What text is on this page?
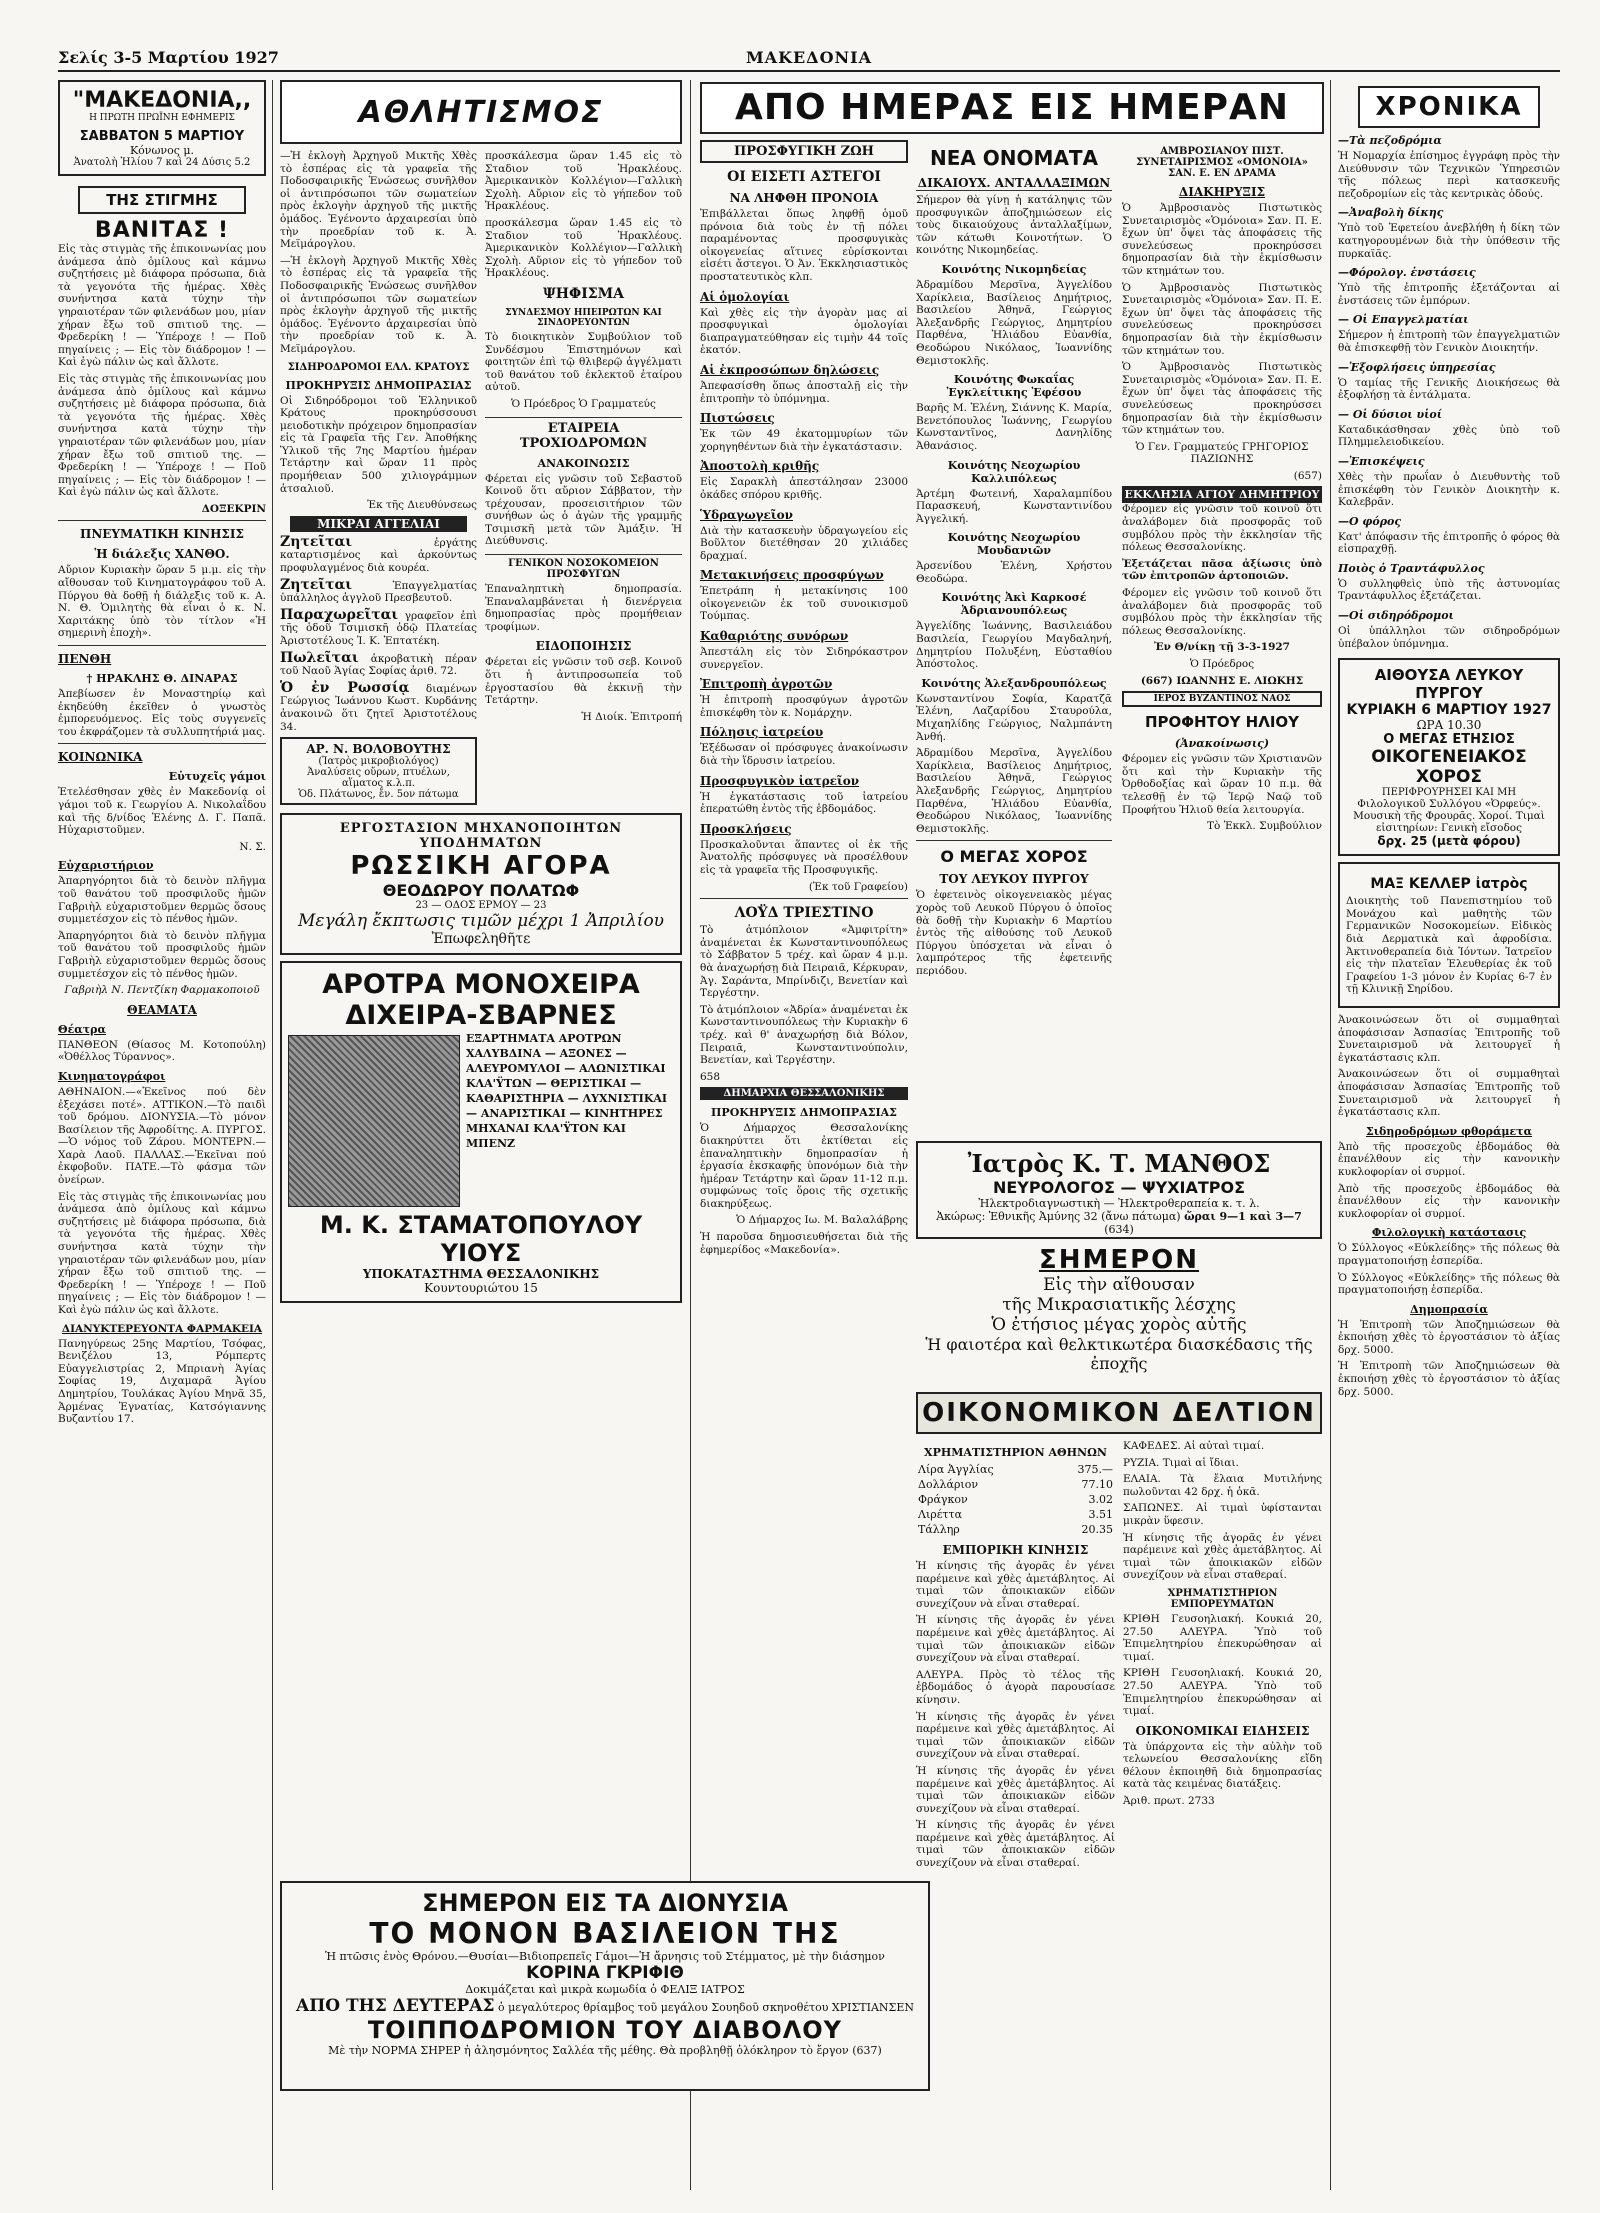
Σελίς 3-5 Μαρτίου 1927	ΜΑΚΕΔΟΝΙΑ
"ΜΑΚΕΔΟΝΙΑ,,
Η ΠΡΩΤΗ ΠΡΩΪΝΗ ΕΦΗΜΕΡΙΣ
ΣΑΒΒΑΤΟΝ 5 ΜΑΡΤΙΟΥ
Κόνωνος μ.
Ἀνατολὴ Ἡλίου 7 καὶ 24 Δύσις 5.2
ΤΗΣ ΣΤΙΓΜΗΣ
ΒΑΝΙΤΑΣ !

Εἰς τὰς στιγμὰς τῆς ἐπικοινωνίας μου ἀνάμεσα ἀπὸ ὁμίλους καὶ κάμνω συζητήσεις μὲ διάφορα πρόσωπα, διὰ τὰ γεγονότα τῆς ἡμέρας. Χθὲς συνήντησα κατὰ τύχην τὴν γηραιοτέραν τῶν φιλενάδων μου, μίαν χήραν ἔξω τοῦ σπιτιοῦ της. — Φρεδερίκη ! — Ὑπέροχε ! — Ποῦ πηγαίνεις ; — Εἰς τὸν διάδρομον ! — Καὶ ἐγὼ πάλιν ὡς καὶ ἄλλοτε.

Εἰς τὰς στιγμὰς τῆς ἐπικοινωνίας μου ἀνάμεσα ἀπὸ ὁμίλους καὶ κάμνω συζητήσεις μὲ διάφορα πρόσωπα, διὰ τὰ γεγονότα τῆς ἡμέρας. Χθὲς συνήντησα κατὰ τύχην τὴν γηραιοτέραν τῶν φιλενάδων μου, μίαν χήραν ἔξω τοῦ σπιτιοῦ της. — Φρεδερίκη ! — Ὑπέροχε ! — Ποῦ πηγαίνεις ; — Εἰς τὸν διάδρομον ! — Καὶ ἐγὼ πάλιν ὡς καὶ ἄλλοτε.

ΔΟΞΕΚΡΙΝ

ΠΝΕΥΜΑΤΙΚΗ ΚΙΝΗΣΙΣ
Ἡ διάλεξις ΧΑΝΘΟ.

Αὔριον Κυριακὴν ὥραν 5 μ.μ. εἰς τὴν αἴθουσαν τοῦ Κινηματογράφου τοῦ Α. Πύργου θὰ δοθῇ ἡ διάλεξις τοῦ κ. Α. Ν. Θ. Ὁμιλητὴς θὰ εἶναι ὁ κ. Ν. Χαριτάκης ὑπὸ τὸν τίτλον «Ἡ σημερινὴ ἐποχὴ».

ΠΕΝΘΗ
† ΗΡΑΚΛΗΣ Θ. ΔΙΝΑΡΑΣ

Ἀπεβίωσεν ἐν Μοναστηρίῳ καὶ ἐκηδεύθη ἐκεῖθεν ὁ γνωστὸς ἐμπορευόμενος. Εἰς τοὺς συγγενεῖς του ἐκφράζομεν τὰ συλλυπητήριά μας.

ΚΟΙΝΩΝΙΚΑ
Εὐτυχεῖς γάμοι

Ἐτελέσθησαν χθὲς ἐν Μακεδονίᾳ οἱ γάμοι τοῦ κ. Γεωργίου Α. Νικολαΐδου καὶ τῆς δ/νίδος Ἑλένης Δ. Γ. Παπᾶ. Ηὐχαριστοῦμεν.

Ν. Σ.

Εὐχαριστήριον

Ἀπαρηγόρητοι διὰ τὸ δεινὸν πλῆγμα τοῦ θανάτου τοῦ προσφιλοῦς ἡμῶν Γαβριὴλ εὐχαριστοῦμεν θερμῶς ὅσους συμμετέσχον εἰς τὸ πένθος ἡμῶν.

Ἀπαρηγόρητοι διὰ τὸ δεινὸν πλῆγμα τοῦ θανάτου τοῦ προσφιλοῦς ἡμῶν Γαβριὴλ εὐχαριστοῦμεν θερμῶς ὅσους συμμετέσχον εἰς τὸ πένθος ἡμῶν.

Γαβριὴλ Ν. Πεντζίκη Φαρμακοποιοῦ

ΘΕΑΜΑΤΑ
Θέατρα

ΠΑΝΘΕΟΝ (Θίασος Μ. Κοτοπούλη) «Ὀθέλλος Τύραννος».

Κινηματογράφοι

ΑΘΗΝΑΙΟΝ.—«Ἐκεῖνος πού δὲν ἐξεχάσει ποτέ». ΑΤΤΙΚΟΝ.—Τὸ παιδὶ τοῦ δρόμου. ΔΙΟΝΥΣΙΑ.—Τὸ μόνον Βασίλειον τῆς Ἀφροδίτης. Α. ΠΥΡΓΟΣ.—Ὁ νόμος τοῦ Ζάρου. ΜΟΝΤΕΡΝ.—Χαρὰ Λαοῦ. ΠΑΛΛΑΣ.—Ἐκεῖναι πού ἐκφοβοῦν. ΠΑΤΕ.—Τὸ φάσμα τῶν ὀνείρων.

Εἰς τὰς στιγμὰς τῆς ἐπικοινωνίας μου ἀνάμεσα ἀπὸ ὁμίλους καὶ κάμνω συζητήσεις μὲ διάφορα πρόσωπα, διὰ τὰ γεγονότα τῆς ἡμέρας. Χθὲς συνήντησα κατὰ τύχην τὴν γηραιοτέραν τῶν φιλενάδων μου, μίαν χήραν ἔξω τοῦ σπιτιοῦ της. — Φρεδερίκη ! — Ὑπέροχε ! — Ποῦ πηγαίνεις ; — Εἰς τὸν διάδρομον ! — Καὶ ἐγὼ πάλιν ὡς καὶ ἄλλοτε.

ΔΙΑΝΥΚΤΕΡΕΥΟΝΤΑ ΦΑΡΜΑΚΕΙΑ

Πανηγύρεως 25ης Μαρτίου, Τσόφας, Βενιζέλου 13, Ρόμπερτς Εὐαγγελιστρίας 2, Μπριανὴ Ἁγίας Σοφίας 19, Διχαμαρᾶ Ἀγίου Δημητρίου, Τουλάκας Ἀγίου Μηνᾶ 35, Ἀρμένας Ἐγνατίας, Κατσόγιαννης Βυζαντίου 17.

ΑΘΛΗΤΙΣΜΟΣ

—Ἡ ἐκλογὴ Ἀρχηγοῦ Μικτῆς Χθὲς τὸ ἑσπέρας εἰς τὰ γραφεῖα τῆς Ποδοσφαιρικῆς Ἑνώσεως συνῆλθον οἱ ἀντιπρόσωποι τῶν σωματείων πρὸς ἐκλογὴν ἀρχηγοῦ τῆς μικτῆς ὁμάδος. Ἐγένοντο ἀρχαιρεσίαι ὑπὸ τὴν προεδρίαν τοῦ κ. Ἀ. Μεϊμάρογλου.

—Ἡ ἐκλογὴ Ἀρχηγοῦ Μικτῆς Χθὲς τὸ ἑσπέρας εἰς τὰ γραφεῖα τῆς Ποδοσφαιρικῆς Ἑνώσεως συνῆλθον οἱ ἀντιπρόσωποι τῶν σωματείων πρὸς ἐκλογὴν ἀρχηγοῦ τῆς μικτῆς ὁμάδος. Ἐγένοντο ἀρχαιρεσίαι ὑπὸ τὴν προεδρίαν τοῦ κ. Ἀ. Μεϊμάρογλου.

ΣΙΔΗΡΟΔΡΟΜΟΙ ΕΛΛ. ΚΡΑΤΟΥΣ
ΠΡΟΚΗΡΥΞΙΣ ΔΗΜΟΠΡΑΣΙΑΣ

Οἱ Σιδηρόδρομοι τοῦ Ἑλληνικοῦ Κράτους προκηρύσσουσι μειοδοτικὴν πρόχειρον δημοπρασίαν εἰς τὰ Γραφεῖα τῆς Γεν. Ἀποθήκης Ὑλικοῦ τῆς 7ης Μαρτίου ἡμέραν Τετάρτην καὶ ὥραν 11 πρὸς προμήθειαν 500 χιλιογράμμων ἀτσαλιοῦ.

Ἐκ τῆς Διευθύνσεως

ΜΙΚΡΑΙ ΑΓΓΕΛΙΑΙ

Ζητεῖται	ἐργάτης καταρτισμένος καὶ ἀρκούντως προφυλαγμένος διὰ κουρέα.

Ζητεῖται	Ἐπαγγελματίας ὑπάλληλος ἀγγλοῦ Πρεσβευτοῦ.

Παραχωρεῖται γραφεῖον ἐπὶ τῆς ὁδοῦ Τσιμισκῆ ὁδῷ Πλατείας Ἀριστοτέλους Ἰ. Κ. Ἐπτατέκη.

Πωλεῖται ἀκροβατικὴ πέραν τοῦ Ναοῦ Ἁγίας Σοφίας ἀριθ. 72.

Ὁ ἐν Ρωσσίᾳ διαμένων Γεώργιος Ἰωάννου Κωστ. Κυρδάνης ἀνακοινῶ ὅτι ζητεῖ Ἀριστοτέλους 34.

ΑΡ. Ν. ΒΟΛΟΒΟΥΤΗΣ
(Ἰατρὸς μικροβιολόγος)
Ἀναλύσεις οὔρων, πτυέλων, αἵματος κ.λ.π.
Ὁδ. Πλάτωνος, ἔν. 5ον πάτωμα

προσκάλεσμα ὥραν 1.45 εἰς τὸ Σταδιον τοῦ Ἡρακλέους. Ἀμερικανικὸν Κολλέγιον—Γαλλικὴ Σχολὴ. Αὔριον εἰς τὸ γήπεδον τοῦ Ἡρακλέους.

προσκάλεσμα ὥραν 1.45 εἰς τὸ Σταδιον τοῦ Ἡρακλέους. Ἀμερικανικὸν Κολλέγιον—Γαλλικὴ Σχολὴ. Αὔριον εἰς τὸ γήπεδον τοῦ Ἡρακλέους.

ΨΗΦΙΣΜΑ
ΣΥΝΔΕΣΜΟΥ ΗΠΕΙΡΩΤΩΝ ΚΑΙ ΣΙΝΔΟΡΕΥΟΝΤΩΝ

Τὸ διοικητικὸν Συμβούλιον τοῦ Συνδέσμου Ἐπιστημόνων καὶ φοιτητῶν ἐπὶ τῷ θλιβερῷ ἀγγέλματι τοῦ θανάτου τοῦ ἐκλεκτοῦ ἐταίρου αὐτοῦ.

Ὁ Πρόεδρος Ὁ Γραμματεύς

ΕΤΑΙΡΕΙΑ ΤΡΟΧΙΟΔΡΟΜΩΝ
ΑΝΑΚΟΙΝΩΣΙΣ

Φέρεται εἰς γνῶσιν τοῦ Σεβαστοῦ Κοινοῦ ὅτι αὔριον Σάββατον, τὴν τρέχουσαν, προσεισιτήριον τῶν συνήθων ὡς ὁ ἀγὼν τῆς γραμμῆς Τσιμισκῆ μετὰ τῶν Ἀμάξιν. Ἡ Διεύθυνσις.

ΓΕΝΙΚΟΝ ΝΟΣΟΚΟΜΕΙΟΝ ΠΡΟΣΦΥΓΩΝ

Ἐπαναληπτικὴ δημοπρασία. Ἐπαναλαμβάνεται ἡ διενέργεια δημοπρασίας πρὸς προμήθειαν τροφίμων.

ΕΙΔΟΠΟΙΗΣΙΣ

Φέρεται εἰς γνῶσιν τοῦ σεβ. Κοινοῦ ὅτι ἡ ἀντιπροσωπεία τοῦ ἐργοστασίου θὰ ἐκκινῇ τὴν Τετάρτην.

Ἡ Διοίκ. Ἐπιτροπή

ΕΡΓΟΣΤΑΣΙΟΝ ΜΗΧΑΝΟΠΟΙΗΤΩΝ ΥΠΟΔΗΜΑΤΩΝ
ΡΩΣΣΙΚΗ ΑΓΟΡΑ
ΘΕΟΔΩΡΟΥ ΠΟΛΑΤΩΦ
23 — ΟΔΟΣ ΕΡΜΟΥ — 23
Μεγάλη ἔκπτωσις τιμῶν μέχρι 1 Ἀπριλίου
Ἐπωφεληθῆτε
ΑΡΟΤΡΑ ΜΟΝΟΧΕΙΡΑ
ΔΙΧΕΙΡΑ-ΣΒΑΡΝΕΣ
ΕΞΑΡΤΗΜΑΤΑ ΑΡΟΤΡΩΝ ΧΑΛΥΒΔΙΝΑ — ΑΞΟΝΕΣ — ΑΛΕΥΡΟΜΥΛΟΙ — ΑΛΩΝΙΣΤΙΚΑΙ ΚΛΑ'ΫΤΩΝ — ΘΕΡΙΣΤΙΚΑΙ — ΚΑΘΑΡΙΣΤΗΡΙΑ — ΛΥΧΝΙΣΤΙΚΑΙ — ΑΝΑΡΙΣΤΙΚΑΙ — ΚΙΝΗΤΗΡΕΣ ΜΗΧΑΝΑΙ ΚΛΑ'ΫΤΟΝ ΚΑΙ ΜΠΕΝΖ
Μ. Κ. ΣΤΑΜΑΤΟΠΟΥΛΟΥ ΥΙΟΥΣ
ΥΠΟΚΑΤΑΣΤΗΜΑ ΘΕΣΣΑΛΟΝΙΚΗΣ
Κουντουριώτου 15
ΣΗΜΕΡΟΝ ΕΙΣ ΤΑ ΔΙΟΝΥΣΙΑ
ΤΟ ΜΟΝΟΝ ΒΑΣΙΛΕΙΟΝ ΤΗΣ
Ἡ πτῶσις ἑνὸς Θρόνου.—Θυσίαι—Βιδιοπρεπεῖς Γάμοι—Ἡ ἄρνησις τοῦ Στέμματος, μὲ τὴν διάσημον
ΚΟΡΙΝΑ ΓΚΡΙΦΙΘ
Δοκιμάζεται καὶ μικρὰ κωμωδία ὁ ΦΕΛΙΞ ΙΑΤΡΟΣ
ΑΠΟ ΤΗΣ ΔΕΥΤΕΡΑΣ ὁ μεγαλύτερος θρίαμβος τοῦ μεγάλου Σουηδοῦ σκηνοθέτου ΧΡΙΣΤΙΑΝΣΕΝ
ΤΟΙΠΠΟΔΡΟΜΙΟΝ ΤΟΥ ΔΙΑΒΟΛΟΥ
Μὲ τὴν ΝΟΡΜΑ ΣΗΡΕΡ ἡ ἀλησμόνητος Σαλλέα τῆς μέθης. Θὰ προβληθῇ ὁλόκληρον τὸ ἔργον (637)
ΑΠΟ ΗΜΕΡΑΣ ΕΙΣ ΗΜΕΡΑΝ
ΠΡΟΣΦΥΓΙΚΗ ΖΩΗ
ΟΙ ΕΙΣΕΤΙ ΑΣΤΕΓΟΙ
ΝΑ ΛΗΦΘΗ ΠΡΟΝΟΙΑ

Ἐπιβάλλεται ὅπως ληφθῇ ὁμοῦ πρόνοια διὰ τοὺς ἐν τῇ πόλει παραμένοντας προσφυγικὰς οἰκογενείας αἵτινες εὑρίσκονται εἰσέτι ἄστεγοι. Ὁ Ἀν. Ἐκκλησιαστικὸς προστατευτικὸς κλπ.

Αἱ ὁμολογίαι

Καὶ χθὲς εἰς τὴν ἀγορὰν μας αἱ προσφυγικαὶ ὁμολογίαι διαπραγματεύθησαν εἰς τιμὴν 44 τοῖς ἑκατόν.

Αἱ ἐκπροσώπων δηλώσεις

Ἀπεφασίσθη ὅπως ἀποσταλῇ εἰς τὴν ἐπιτροπὴν τὸ ὑπόμνημα.

Πιστώσεις

Ἐκ τῶν 49 ἐκατομμυρίων τῶν χορηγηθέντων διὰ τὴν ἐγκατάστασιν.

Ἀποστολὴ κριθῆς

Εἰς Σαρακλὴ ἀπεστάλησαν 23000 ὀκάδες σπόρου κριθῆς.

Ὑδραγωγεῖον

Διὰ τὴν κατασκευὴν ὑδραγωγείου εἰς Βοῦλτον διετέθησαν 20 χιλιάδες δραχμαί.

Μετακινήσεις προσφύγων

Ἐπετράπη ἡ μετακίνησις 100 οἰκογενειῶν ἐκ τοῦ συνοικισμοῦ Τούμπας.

Καθαριότης συνόρων

Ἀπεστάλη εἰς τὸν Σιδηρόκαστρον συνεργεῖον.

Ἐπιτροπὴ ἀγροτῶν

Ἡ ἐπιτροπὴ προσφύγων ἀγροτῶν ἐπισκέφθη τὸν κ. Νομάρχην.

Πόλησις ἰατρείου

Ἐξέδωσαν οἱ πρόσφυγες ἀνακοίνωσιν διὰ τὴν ἵδρυσιν ἰατρείου.

Προσφυγικὸν ἰατρεῖον

Ἡ ἐγκατάστασις τοῦ ἰατρείου ἐπερατώθη ἐντὸς τῆς ἑβδομάδος.

Προσκλήσεις

Προσκαλοῦνται ἅπαντες οἱ ἐκ τῆς Ἀνατολῆς πρόσφυγες νὰ προσέλθουν εἰς τὰ γραφεῖα τῆς Προσφυγικῆς.

(Ἐκ τοῦ Γραφείου)

ΛΟΫΔ ΤΡΙΕΣΤΙΝΟ

Τὸ ἀτμόπλοιον «Ἀμφιτρίτη» ἀναμένεται ἐκ Κωνσταντινουπόλεως τὸ Σάββατον 5 τρέχ. καὶ ὥραν 4 μ.μ. θὰ ἀναχωρήσῃ διὰ Πειραιᾶ, Κέρκυραν, Ἀγ. Σαράντα, Μπρίνδιζι, Βενετίαν καὶ Τεργέστην.

Τὸ ἀτμόπλοιον «Ἀδρία» ἀναμένεται ἐκ Κωνσταντινουπόλεως τὴν Κυριακὴν 6 τρέχ. καὶ θ' ἀναχωρήσῃ διὰ Βόλον, Πειραιᾶ, Κωνσταντινούπολιν, Βενετίαν, καὶ Τεργέστην.

658

ΔΗΜΑΡΧΙΑ ΘΕΣΣΑΛΟΝΙΚΗΣ
ΠΡΟΚΗΡΥΞΙΣ ΔΗΜΟΠΡΑΣΙΑΣ

Ὁ Δήμαρχος Θεσσαλονίκης διακηρύττει ὅτι ἐκτίθεται εἰς ἐπαναληπτικὴν δημοπρασίαν ἡ ἐργασία ἐκσκαφῆς ὑπονόμων διὰ τὴν ἡμέραν Τετάρτην καὶ ὥραν 11-12 π.μ. συμφώνως τοῖς ὅροις τῆς σχετικῆς διακηρύξεως.

Ὁ Δήμαρχος Ιω. Μ. Βαλαλάβρης

Ἡ παροῦσα δημοσιευθήσεται διὰ τῆς ἐφημερίδος «Μακεδονία».

ΝΕΑ ΟΝΟΜΑΤΑ
ΔΙΚΑΙΟΥΧ. ΑΝΤΑΛΛΑΞΙΜΩΝ

Σήμερον θὰ γίνῃ ἡ κατάληψις τῶν προσφυγικῶν ἀποζημιώσεων εἰς τοὺς δικαιούχους ἀνταλλαξίμων, τῶν κάτωθι Κοινοτήτων. Ὁ κοινότης Νικομηδείας.

Κοινότης Νικομηδείας

Ἀδραμίδου Μερσῖνα, Ἀγγελίδου Χαρίκλεια, Βασίλειος Δημήτριος, Βασιλείου Ἀθηνᾶ, Γεώργιος Ἀλεξανδρῆς Γεώργιος, Δημητρίου Παρθένα, Ἠλιάδου Εὐανθία, Θεοδώρου Νικόλαος, Ἰωαννίδης Θεμιστοκλῆς.

Κοινότης Φωκαΐας Ἐγκλείτικης Ἐφέσου

Βαρῆς Μ. Ἑλένη, Σιάννης Κ. Μαρία, Βενετόπουλος Ἰωάννης, Γεωργίου Κωνσταντῖνος, Δανηλίδης Ἀθανάσιος.

Κοινότης Νεοχωρίου Καλλιπόλεως

Ἀρτέμη Φωτεινή, Χαραλαμπίδου Παρασκευή, Κωνσταντινίδου Ἀγγελική.

Κοινότης Νεοχωρίου Μουδανιῶν

Ἀρσενίδου Ἑλένη, Χρήστου Θεοδώρα.

Κοινότης Ἀκὶ Καρκοσέ Ἀδριανουπόλεως

Ἀγγελίδης Ἰωάννης, Βασιλειάδου Βασιλεία, Γεωργίου Μαγδαληνή, Δημητρίου Πολυξένη, Εὐσταθίου Ἀπόστολος.

Κοινότης Ἀλεξανδρουπόλεως

Κωνσταντίνου Σοφία, Καρατζᾶ Ἑλένη, Λαζαρίδου Σταυρούλα, Μιχαηλίδης Γεώργιος, Ναλμπάντη Ἀνθή.

Ἀδραμίδου Μερσῖνα, Ἀγγελίδου Χαρίκλεια, Βασίλειος Δημήτριος, Βασιλείου Ἀθηνᾶ, Γεώργιος Ἀλεξανδρῆς Γεώργιος, Δημητρίου Παρθένα, Ἠλιάδου Εὐανθία, Θεοδώρου Νικόλαος, Ἰωαννίδης Θεμιστοκλῆς.

Ο ΜΕΓΑΣ ΧΟΡΟΣ
ΤΟΥ ΛΕΥΚΟΥ ΠΥΡΓΟΥ

Ὁ ἐφετεινὸς οἰκογενειακὸς μέγας χορὸς τοῦ Λευκοῦ Πύργου ὁ ὁποῖος θὰ δοθῇ τὴν Κυριακὴν 6 Μαρτίου ἐντὸς τῆς αἰθούσης τοῦ Λευκοῦ Πύργου ὑπόσχεται νὰ εἶναι ὁ λαμπρότερος τῆς ἐφετεινῆς περιόδου.

ΑΜΒΡΟΣΙΑΝΟΥ ΠΙΣΤ. ΣΥΝΕΤΑΙΡΙΣΜΟΣ «ΟΜΟΝΟΙΑ» ΣΑΝ. Ε. ΕΝ ΔΡΑΜΑ
ΔΙΑΚΗΡΥΞΙΣ

Ὁ Ἀμβροσιανὸς Πιστωτικὸς Συνεταιρισμὸς «Ὁμόνοια» Σαν. Π. Ε. ἔχων ὑπ' ὄψει τὰς ἀποφάσεις τῆς συνελεύσεως προκηρύσσει δημοπρασίαν διὰ τὴν ἐκμίσθωσιν τῶν κτημάτων του.

Ὁ Ἀμβροσιανὸς Πιστωτικὸς Συνεταιρισμὸς «Ὁμόνοια» Σαν. Π. Ε. ἔχων ὑπ' ὄψει τὰς ἀποφάσεις τῆς συνελεύσεως προκηρύσσει δημοπρασίαν διὰ τὴν ἐκμίσθωσιν τῶν κτημάτων του.

Ὁ Ἀμβροσιανὸς Πιστωτικὸς Συνεταιρισμὸς «Ὁμόνοια» Σαν. Π. Ε. ἔχων ὑπ' ὄψει τὰς ἀποφάσεις τῆς συνελεύσεως προκηρύσσει δημοπρασίαν διὰ τὴν ἐκμίσθωσιν τῶν κτημάτων του.

Ὁ Γεν. Γραμματεύς ΓΡΗΓΟΡΙΟΣ ΠΑΖΙΩΝΗΣ

(657)

ΕΚΚΛΗΣΙΑ ΑΓΙΟΥ ΔΗΜΗΤΡΙΟΥ

Φέρομεν εἰς γνῶσιν τοῦ κοινοῦ ὅτι ἀναλάβομεν διὰ προσφορᾶς τοῦ συμβόλου πρὸς τὴν ἐκκλησίαν τῆς πόλεως Θεσσαλονίκης.

Ἐξετάζεται πᾶσα ἀξίωσις ὑπὸ τῶν ἐπιτροπῶν ἀρτοποιῶν.

Φέρομεν εἰς γνῶσιν τοῦ κοινοῦ ὅτι ἀναλάβομεν διὰ προσφορᾶς τοῦ συμβόλου πρὸς τὴν ἐκκλησίαν τῆς πόλεως Θεσσαλονίκης.

Ἐν Θ/νίκῃ τῇ 3-3-1927

Ὁ Πρόεδρος

(667) ΙΩΑΝΝΗΣ Ε. ΛΙΩΚΗΣ

ΙΕΡΟΣ ΒΥΖΑΝΤΙΝΟΣ ΝΑΟΣ
ΠΡΟΦΗΤΟΥ ΗΛΙΟΥ
(Ἀνακοίνωσις)

Φέρομεν εἰς γνῶσιν τῶν Χριστιανῶν ὅτι καὶ τὴν Κυριακὴν τῆς Ὀρθοδοξίας καὶ ὥραν 10 π.μ. θὰ τελεσθῇ ἐν τῷ Ἱερῷ Ναῷ τοῦ Προφήτου Ἠλιοῦ θεία λειτουργία.

Τὸ Ἐκκλ. Συμβούλιον

Ἰατρὸς Κ. Τ. ΜΑΝΘΟΣ
ΝΕΥΡΟΛΟΓΟΣ — ΨΥΧΙΑΤΡΟΣ
Ἠλεκτροδιαγνωστικὴ — Ἠλεκτροθεραπεία κ. τ. λ.
Ἀκώρως: Ἐθνικῆς Ἀμύνης 32 (ἄνω πάτωμα) ὥραι 9—1 καὶ 3—7 (634)
ΣΗΜΕΡΟΝ
Εἰς τὴν αἴθουσαν
τῆς Μικρασιατικῆς λέσχης
Ὁ ἐτήσιος μέγας χορὸς αὐτῆς
Ἡ φαιοτέρα καὶ θελκτικωτέρα διασκέδασις τῆς ἐποχῆς
ΟΙΚΟΝΟΜΙΚΟΝ ΔΕΛΤΙΟΝ
ΧΡΗΜΑΤΙΣΤΗΡΙΟΝ ΑΘΗΝΩΝ
Λίρα Ἀγγλίας	375.—
Δολλάριον	77.10
Φράγκον	3.02
Λιρέττα	3.51
Τάλληρ	20.35
ΕΜΠΟΡΙΚΗ ΚΙΝΗΣΙΣ

Ἡ κίνησις τῆς ἀγορᾶς ἐν γένει παρέμεινε καὶ χθὲς ἀμετάβλητος. Αἱ τιμαὶ τῶν ἀποικιακῶν εἰδῶν συνεχίζουν νὰ εἶναι σταθεραί.

Ἡ κίνησις τῆς ἀγορᾶς ἐν γένει παρέμεινε καὶ χθὲς ἀμετάβλητος. Αἱ τιμαὶ τῶν ἀποικιακῶν εἰδῶν συνεχίζουν νὰ εἶναι σταθεραί.

ΑΛΕΥΡΑ. Πρὸς τὸ τέλος τῆς ἑβδομάδος ὁ ἀγορὰ παρουσίασε κίνησιν.

Ἡ κίνησις τῆς ἀγορᾶς ἐν γένει παρέμεινε καὶ χθὲς ἀμετάβλητος. Αἱ τιμαὶ τῶν ἀποικιακῶν εἰδῶν συνεχίζουν νὰ εἶναι σταθεραί.

Ἡ κίνησις τῆς ἀγορᾶς ἐν γένει παρέμεινε καὶ χθὲς ἀμετάβλητος. Αἱ τιμαὶ τῶν ἀποικιακῶν εἰδῶν συνεχίζουν νὰ εἶναι σταθεραί.

Ἡ κίνησις τῆς ἀγορᾶς ἐν γένει παρέμεινε καὶ χθὲς ἀμετάβλητος. Αἱ τιμαὶ τῶν ἀποικιακῶν εἰδῶν συνεχίζουν νὰ εἶναι σταθεραί.

ΚΑΦΕΔΕΣ. Αἱ αὐταὶ τιμαί.

ΡΥΖΙΑ. Τιμαὶ αἱ ἴδιαι.

ΕΛΑΙΑ. Τὰ ἔλαια Μυτιλήνης πωλοῦνται 42 δρχ. ἡ ὀκᾶ.

ΣΑΠΩΝΕΣ. Αἱ τιμαὶ ὑφίστανται μικρὰν ὕφεσιν.

Ἡ κίνησις τῆς ἀγορᾶς ἐν γένει παρέμεινε καὶ χθὲς ἀμετάβλητος. Αἱ τιμαὶ τῶν ἀποικιακῶν εἰδῶν συνεχίζουν νὰ εἶναι σταθεραί.

ΧΡΗΜΑΤΙΣΤΗΡΙΟΝ ΕΜΠΟΡΕΥΜΑΤΩΝ

ΚΡΙΘΗ Γευσοηλιακή. Κουκιά 20, 27.50 ΑΛΕΥΡΑ. Ὑπὸ τοῦ Ἐπιμελητηρίου ἐπεκυρώθησαν αἱ τιμαί.

ΚΡΙΘΗ Γευσοηλιακή. Κουκιά 20, 27.50 ΑΛΕΥΡΑ. Ὑπὸ τοῦ Ἐπιμελητηρίου ἐπεκυρώθησαν αἱ τιμαί.

ΟΙΚΟΝΟΜΙΚΑΙ ΕΙΔΗΣΕΙΣ

Τὰ ὑπάρχοντα εἰς τὴν αὐλὴν τοῦ τελωνείου Θεσσαλονίκης εἴδη θέλουν ἐκποιηθῆ διὰ δημοπρασίας κατὰ τὰς κειμένας διατάξεις.

Ἀριθ. πρωτ. 2733

ΧΡΟΝΙΚΑ
—Τὰ πεζοδρόμια

Ἡ Νομαρχία ἐπίσημος ἐγγράφη πρὸς τὴν Διεύθυνσιν τῶν Τεχνικῶν Ὑπηρεσιῶν τῆς πόλεως περὶ κατασκευῆς πεζοδρομίων εἰς τὰς κεντρικὰς ὁδούς.

—Ἀναβολὴ δίκης

Ὑπὸ τοῦ Ἐφετείου ἀνεβλήθη ἡ δίκη τῶν κατηγορουμένων διὰ τὴν ὑπόθεσιν τῆς πυρκαϊᾶς.

—Φόρολογ. ἐνστάσεις

Ὑπὸ τῆς ἐπιτροπῆς ἐξετάζονται αἱ ἐνστάσεις τῶν ἐμπόρων.

— Οἱ Επαγγελματίαι

Σήμερον ἡ ἐπιτροπὴ τῶν ἐπαγγελματιῶν θὰ ἐπισκεφθῇ τὸν Γενικὸν Διοικητήν.

—Ἐξοφλήσεις ὑπηρεσίας

Ὁ ταμίας τῆς Γενικῆς Διοικήσεως θὰ ἐξοφλήσῃ τὰ ἐντάλματα.

— Οἱ δύσιοι υἱοί

Καταδικάσθησαν χθὲς ὑπὸ τοῦ Πλημμελειοδικείου.

—Ἐπισκέψεις

Χθὲς τὴν πρωΐαν ὁ Διευθυντὴς τοῦ ἐπισκέφθη τὸν Γενικὸν Διοικητὴν κ. Καλεβρᾶν.

—Ο φόρος

Κατ' ἀπόφασιν τῆς ἐπιτροπῆς ὁ φόρος θὰ εἰσπραχθῇ.

Ποιὸς ὁ Τραντάφυλλος

Ὁ συλληφθεὶς ὑπὸ τῆς ἀστυνομίας Τραντάφυλλος ἐξετάζεται.

—Οἱ σιδηρόδρομοι

Οἱ ὑπάλληλοι τῶν σιδηροδρόμων ὑπέβαλον ὑπόμνημα.

ΑΙΘΟΥΣΑ ΛΕΥΚΟΥ ΠΥΡΓΟΥ
ΚΥΡΙΑΚΗ 6 ΜΑΡΤΙΟΥ 1927
ΩΡΑ 10.30
Ο ΜΕΓΑΣ ΕΤΗΣΙΟΣ
ΟΙΚΟΓΕΝΕΙΑΚΟΣ ΧΟΡΟΣ
ΠΕΡΙΦΡΟΥΡΗΣΕΙ ΚΑΙ ΜΗ
Φιλολογικοῦ Συλλόγου «Ὀρφεύς». Μουσικὴ τῆς Φρουρᾶς. Χοροί. Τιμαὶ εἰσιτηρίων: Γενικὴ εἴσοδος
δρχ. 25 (μετὰ φόρου)
ΜΑΞ ΚΕΛΛΕΡ ἰατρὸς

Διοικητὴς τοῦ Πανεπιστημίου τοῦ Μονάχου καὶ μαθητὴς τῶν Γερμανικῶν Νοσοκομείων. Εἰδικὸς διὰ Δερματικὰ καὶ ἀφροδίσια. Ἀκτινοθεραπεία διὰ Ἰόντων. Ἰατρεῖον εἰς τὴν πλατεῖαν Ἐλευθερίας ἐκ τοῦ Γραφείου 1-3 μόνον ἐν Κυρίας 6-7 ἐν τῇ Κλινικῇ Σηρίδου.

Ἀνακοινώσεων ὅτι οἱ συμμαθηταὶ ἀποφάσισαν Ἀσπασίας Ἐπιτροπῆς τοῦ Συνεταιρισμοῦ νὰ λειτουργεῖ ἡ ἐγκατάστασις κλπ.

Ἀνακοινώσεων ὅτι οἱ συμμαθηταὶ ἀποφάσισαν Ἀσπασίας Ἐπιτροπῆς τοῦ Συνεταιρισμοῦ νὰ λειτουργεῖ ἡ ἐγκατάστασις κλπ.

Σιδηροδρόμων φθοράμετα

Ἀπὸ τῆς προσεχοῦς ἑβδομάδος θὰ ἐπανέλθουν εἰς τὴν κανονικὴν κυκλοφορίαν οἱ συρμοί.

Ἀπὸ τῆς προσεχοῦς ἑβδομάδος θὰ ἐπανέλθουν εἰς τὴν κανονικὴν κυκλοφορίαν οἱ συρμοί.

Φιλολογικὴ κατάστασις

Ὁ Σύλλογος «Εὐκλείδης» τῆς πόλεως θὰ πραγματοποιήσῃ ἑσπερίδα.

Ὁ Σύλλογος «Εὐκλείδης» τῆς πόλεως θὰ πραγματοποιήσῃ ἑσπερίδα.

Δημοπρασία

Ἡ Ἐπιτροπὴ τῶν Ἀποζημιώσεων θὰ ἐκποιήσῃ χθὲς τὸ ἐργοστάσιον τὸ ἀξίας δρχ. 5000.

Ἡ Ἐπιτροπὴ τῶν Ἀποζημιώσεων θὰ ἐκποιήσῃ χθὲς τὸ ἐργοστάσιον τὸ ἀξίας δρχ. 5000.
